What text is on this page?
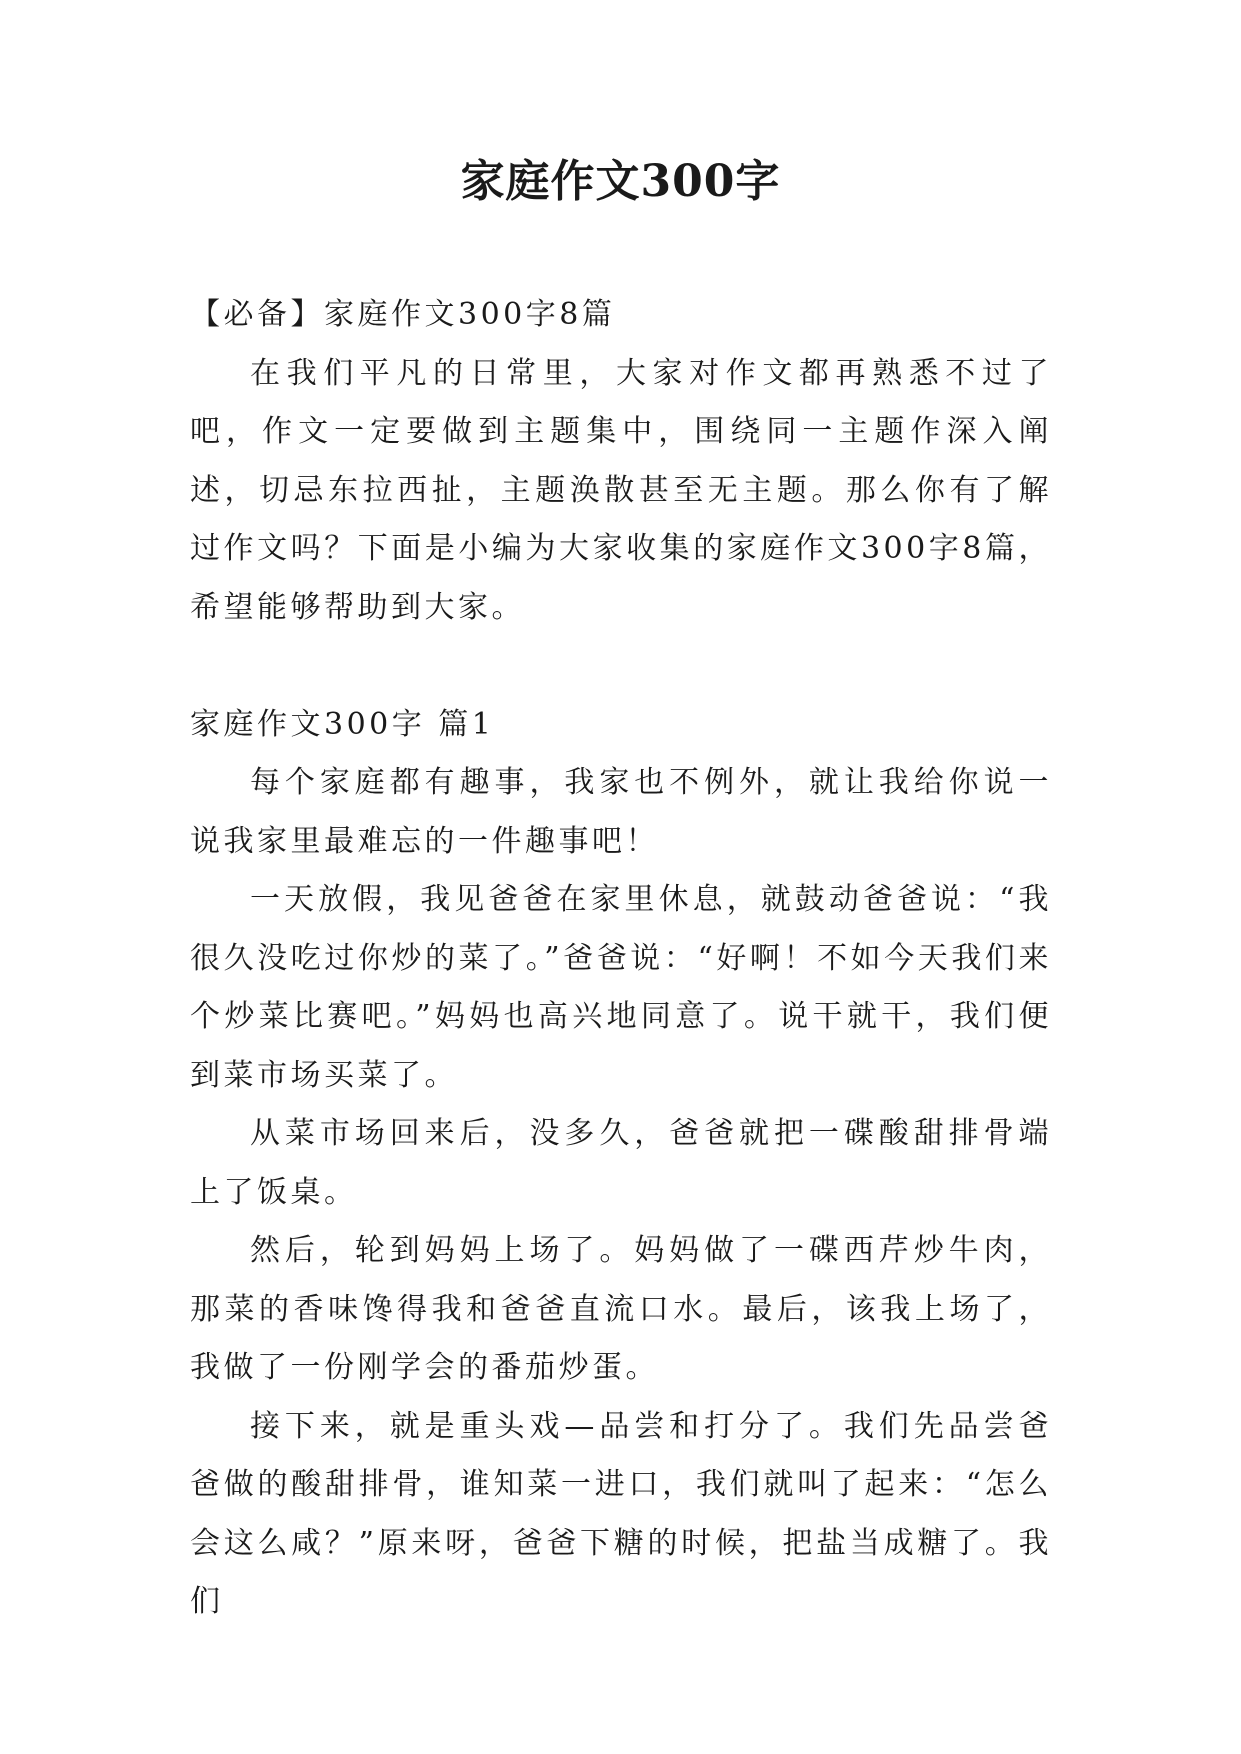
家庭作文300字

【必备】家庭作文300字8篇

在我们平凡的日常里，大家对作文都再熟悉不过了吧，作文一定要做到主题集中，围绕同一主题作深入阐述，切忌东拉西扯，主题涣散甚至无主题。那么你有了解过作文吗？下面是小编为大家收集的家庭作文300字8篇，希望能够帮助到大家。

家庭作文300字 篇1

每个家庭都有趣事，我家也不例外，就让我给你说一说我家里最难忘的一件趣事吧！

一天放假，我见爸爸在家里休息，就鼓动爸爸说：“我很久没吃过你炒的菜了。”爸爸说：“好啊！不如今天我们来个炒菜比赛吧。”妈妈也高兴地同意了。说干就干，我们便到菜市场买菜了。

从菜市场回来后，没多久，爸爸就把一碟酸甜排骨端上了饭桌。

然后，轮到妈妈上场了。妈妈做了一碟西芹炒牛肉，那菜的香味馋得我和爸爸直流口水。最后，该我上场了，我做了一份刚学会的番茄炒蛋。

接下来，就是重头戏—品尝和打分了。我们先品尝爸爸做的酸甜排骨，谁知菜一进口，我们就叫了起来：“怎么会这么咸？”原来呀，爸爸下糖的时候，把盐当成糖了。我们
